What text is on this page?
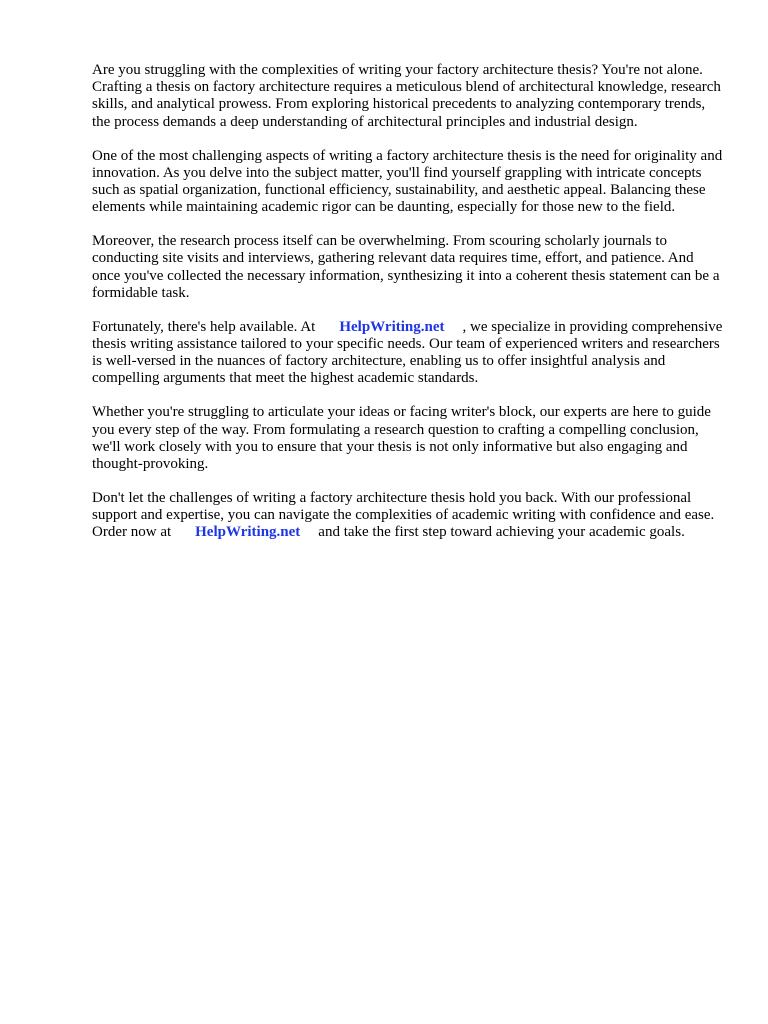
Are you struggling with the complexities of writing your factory architecture thesis? You're not alone. Crafting a thesis on factory architecture requires a meticulous blend of architectural knowledge, research skills, and analytical prowess. From exploring historical precedents to analyzing contemporary trends, the process demands a deep understanding of architectural principles and industrial design.

One of the most challenging aspects of writing a factory architecture thesis is the need for originality and innovation. As you delve into the subject matter, you'll find yourself grappling with intricate concepts such as spatial organization, functional efficiency, sustainability, and aesthetic appeal. Balancing these elements while maintaining academic rigor can be daunting, especially for those new to the field.

Moreover, the research process itself can be overwhelming. From scouring scholarly journals to conducting site visits and interviews, gathering relevant data requires time, effort, and patience. And once you've collected the necessary information, synthesizing it into a coherent thesis statement can be a formidable task.

Fortunately, there's help available. At HelpWriting.net , we specialize in providing comprehensive thesis writing assistance tailored to your specific needs. Our team of experienced writers and researchers is well-versed in the nuances of factory architecture, enabling us to offer insightful analysis and compelling arguments that meet the highest academic standards.

Whether you're struggling to articulate your ideas or facing writer's block, our experts are here to guide you every step of the way. From formulating a research question to crafting a compelling conclusion, we'll work closely with you to ensure that your thesis is not only informative but also engaging and thought-provoking.

Don't let the challenges of writing a factory architecture thesis hold you back. With our professional support and expertise, you can navigate the complexities of academic writing with confidence and ease. Order now at HelpWriting.net and take the first step toward achieving your academic goals.
